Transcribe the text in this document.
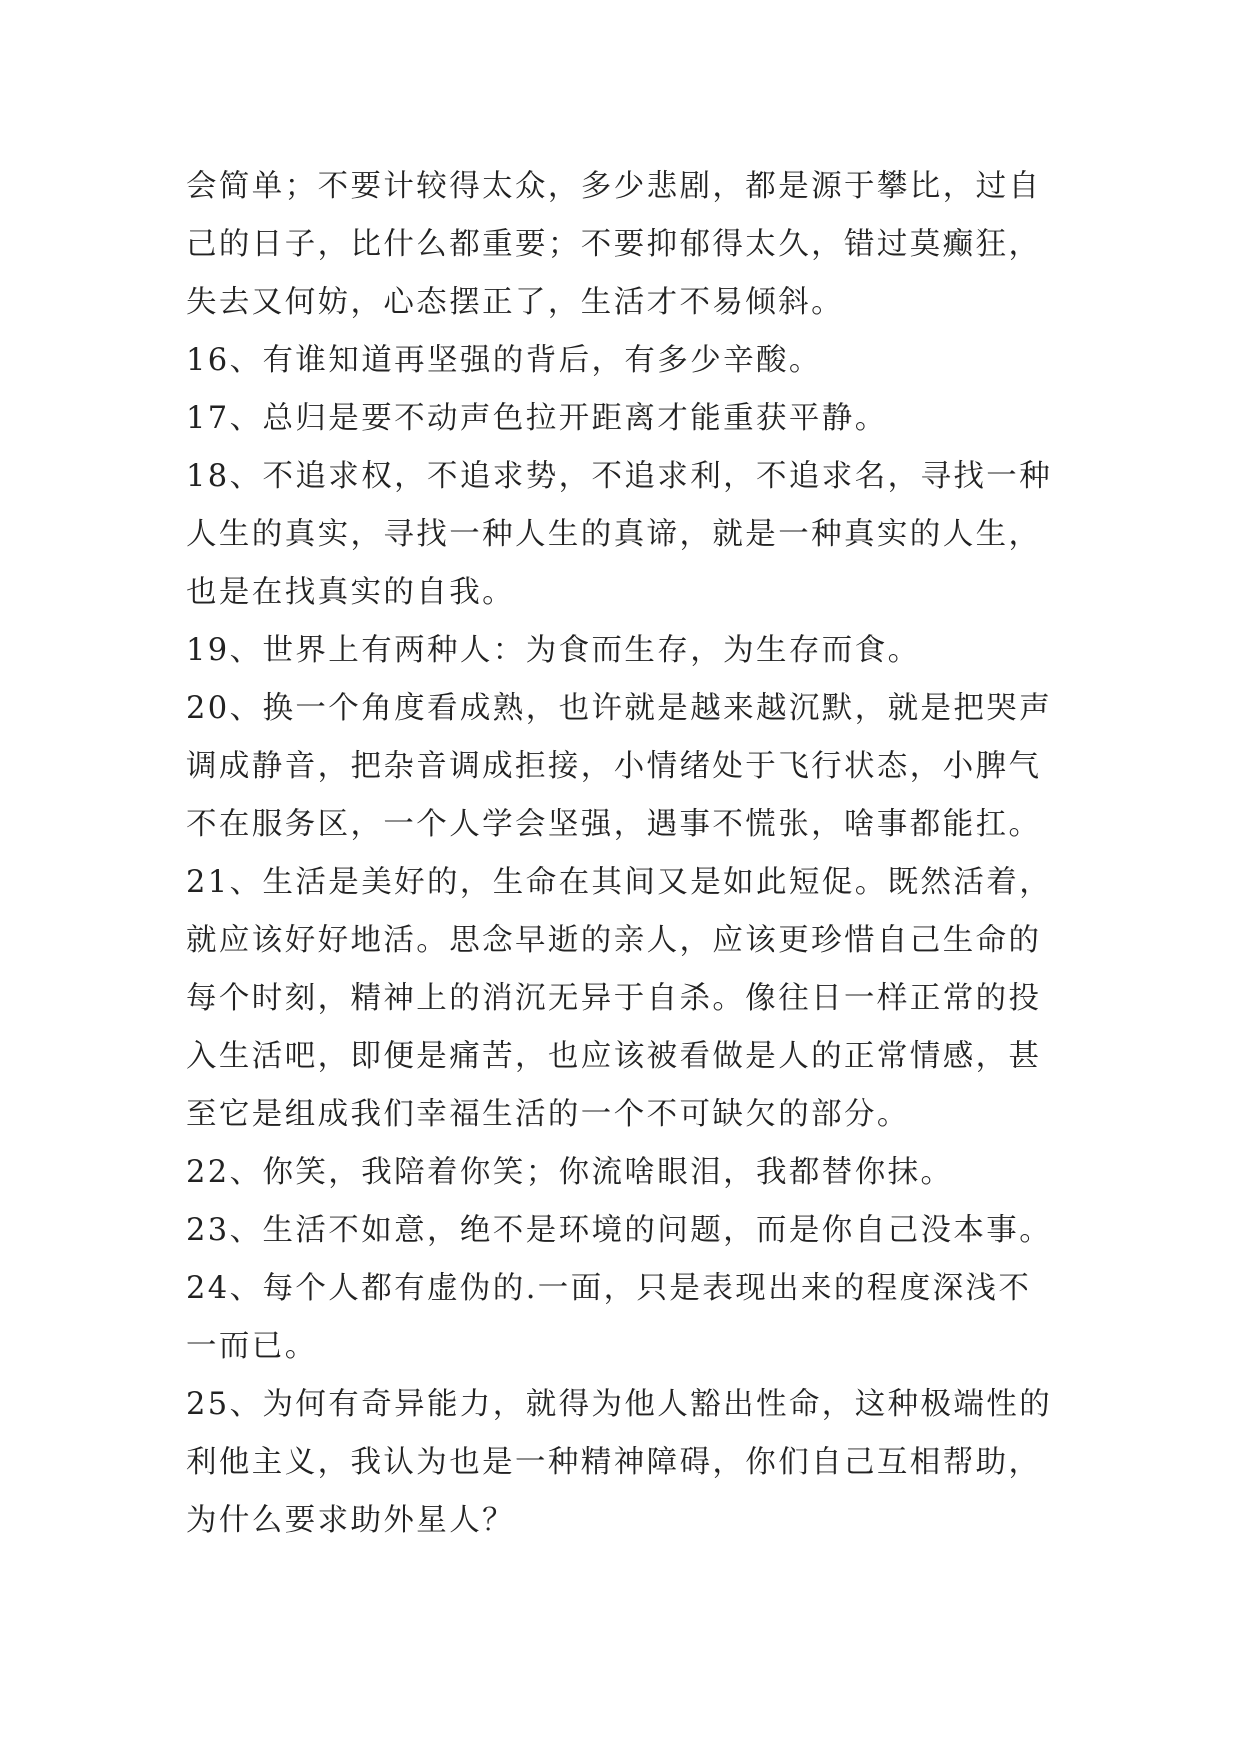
会简单；不要计较得太众，多少悲剧，都是源于攀比，过自
己的日子，比什么都重要；不要抑郁得太久，错过莫癫狂，
失去又何妨，心态摆正了，生活才不易倾斜。
16、有谁知道再坚强的背后，有多少辛酸。
17、总归是要不动声色拉开距离才能重获平静。
18、不追求权，不追求势，不追求利，不追求名，寻找一种
人生的真实，寻找一种人生的真谛，就是一种真实的人生，
也是在找真实的自我。
19、世界上有两种人：为食而生存，为生存而食。
20、换一个角度看成熟，也许就是越来越沉默，就是把哭声
调成静音，把杂音调成拒接，小情绪处于飞行状态，小脾气
不在服务区，一个人学会坚强，遇事不慌张，啥事都能扛。
21、生活是美好的，生命在其间又是如此短促。既然活着，
就应该好好地活。思念早逝的亲人，应该更珍惜自己生命的
每个时刻，精神上的消沉无异于自杀。像往日一样正常的投
入生活吧，即便是痛苦，也应该被看做是人的正常情感，甚
至它是组成我们幸福生活的一个不可缺欠的部分。
22、你笑，我陪着你笑；你流啥眼泪，我都替你抹。
23、生活不如意，绝不是环境的问题，而是你自己没本事。
24、每个人都有虚伪的.一面，只是表现出来的程度深浅不
一而已。
25、为何有奇异能力，就得为他人豁出性命，这种极端性的
利他主义，我认为也是一种精神障碍，你们自己互相帮助，
为什么要求助外星人？
